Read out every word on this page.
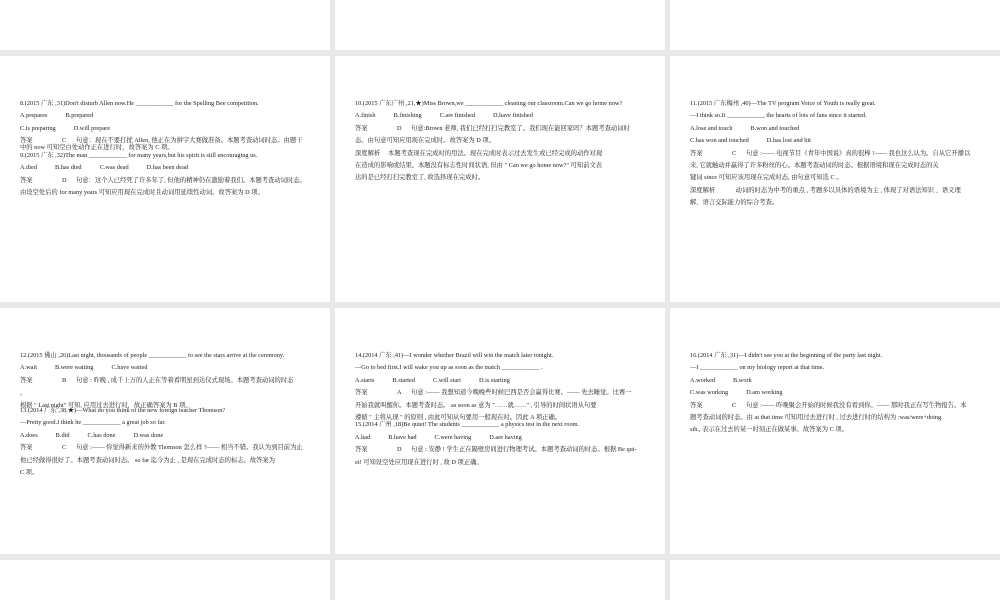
8.(2015 广东 ,31)Don't disturb Allen now.He ____________ for the Spelling Bee competition.
A.prepares	B.prepared
C.is preparing	D.will prepare
答案	C	句意：现在不要打扰 Allen, 他正在为拼字大赛做准备。本题考查动词时态。由题干
中的 now 可知空白处动作正在进行时，故答案为 C 项。
9.(2015 广东 ,32)The man ____________ for many years,but his spirit is still encouraging us.
A.died	B.has died	C.was dead	D.has been dead
答案	D	句意：这个人已经死了许多年了, 但他的精神仍在激励着我们。本题考查动词时态。
由设空处后的 for many years 可知应用现在完成时且动词用延续性动词。故答案为 D 项。
10.(2015 广东广州 ,21,★)Miss Brown,we ____________ cleaning our classroom.Can we go home now?
A.finish	B.finishing	C.are finished	D.have finished
答案	D	句意:Brown 老师, 我们已经打扫完教室了。我们现在能回家吗？本题考查动词时
态。由句意可知应用现在完成时。故答案为 D 项。
深度解析　 本题考查现在完成时的用法。现在完成时表示过去发生或已经完成的动作对现
在造成的影响或结果。本题没有标志性时间状语, 但由 " Can we go home now?" 可知前文表
达的是已经打扫完教室了, 故选择现在完成时。
11.(2015 广东梅州 ,40)—The TV program Voice of Youth is really great.
—I think so.It ____________ the hearts of lots of fans since it started.
A.lose and touch	B.won and touched
C.has won and touched	D.has lost and hit
答案	C	句意 :—— 电视节目《青年中国说》真的很棒 !—— 我也这么认为。自从它开播以
来, 它就触动并赢得了许多粉丝的心。本题考查动词的时态。根据语境和现在完成时态的关
键词 since 可知应该用现在完成时态, 由句意可知选 C 。
深度解析　　　 动词的时态为中考的重点 , 考题多以具体的语境为主 , 体现了对语法知识 、语义理
解、语言交际能力的综合考查。
12.(2015 佛山 ,26)Last night, thousands of people ____________ to see the stars arrive at the ceremony.
A.wait	B.were waiting	C.have waited
答案	B	句意 : 昨晚 , 成千上万的人正在等着看明星到达仪式现场。本题考查动词的时态
，
根据 " Last night" 可知, 应用过去进行时，故正确答案为 B 项。
13.(2014 广东 ,38,★)—What do you think of the new foreign teacher Thomson?
—Pretty good.I think he ____________ a great job so far.
A.does	B.did	C.has done	D.was done
答案	C	句意 :—— 你觉得新来的外教 Thomson 怎么样 ?—— 相当不错。我认为到目前为止
他已经做得很好了。本题考查动词时态。 so far 迄今为止 , 是现在完成时态的标志。故答案为
C 项。
14.(2014 广东 ,41)—I wonder whether Brazil will win the match later tonight.
—Go to bed first.I will wake you up as soon as the match ____________ .
A.starts	B.started	C.will start	D.is starting
答案	A	句意 :—— 我想知道今晚晚些时候巴西是否会赢得比赛。—— 先去睡觉。比赛一
开始我就叫醒你。本题考查时态。 as soon as 意为 "……就……" , 引导的时间状语从句要
遵循 " 主将从现 " 的原则 , 由此可知从句要用一般现在时。因此 A 项正确。
15.(2014 广州 ,18)Be quiet! The students ____________ a physics test in the next room.
A.had	B.have had	C.were having	D.are having
答案	D	句意 : 安静 ! 学生正在隔壁房间进行物理考试。本题考查动词的时态。根据 Be qui-
et! 可知设空处应用现在进行时 , 故 D 项正确。
16.(2014 广东 ,31)—I didn't see you at the beginning of the party last night.
—I ____________ on my biology report at that time.
A.worked	B.work
C.was working	D.am working
答案	C	句意 :—— 昨晚聚会开始的时候我没有看到你。—— 那时我正在写生物报告。本
题考查动词的时态。由 at that time 可知用过去进行时 , 过去进行时的结构为 :was/were+doing
sth., 表示在过去的某一时刻正在做某事。故答案为 C 项。
